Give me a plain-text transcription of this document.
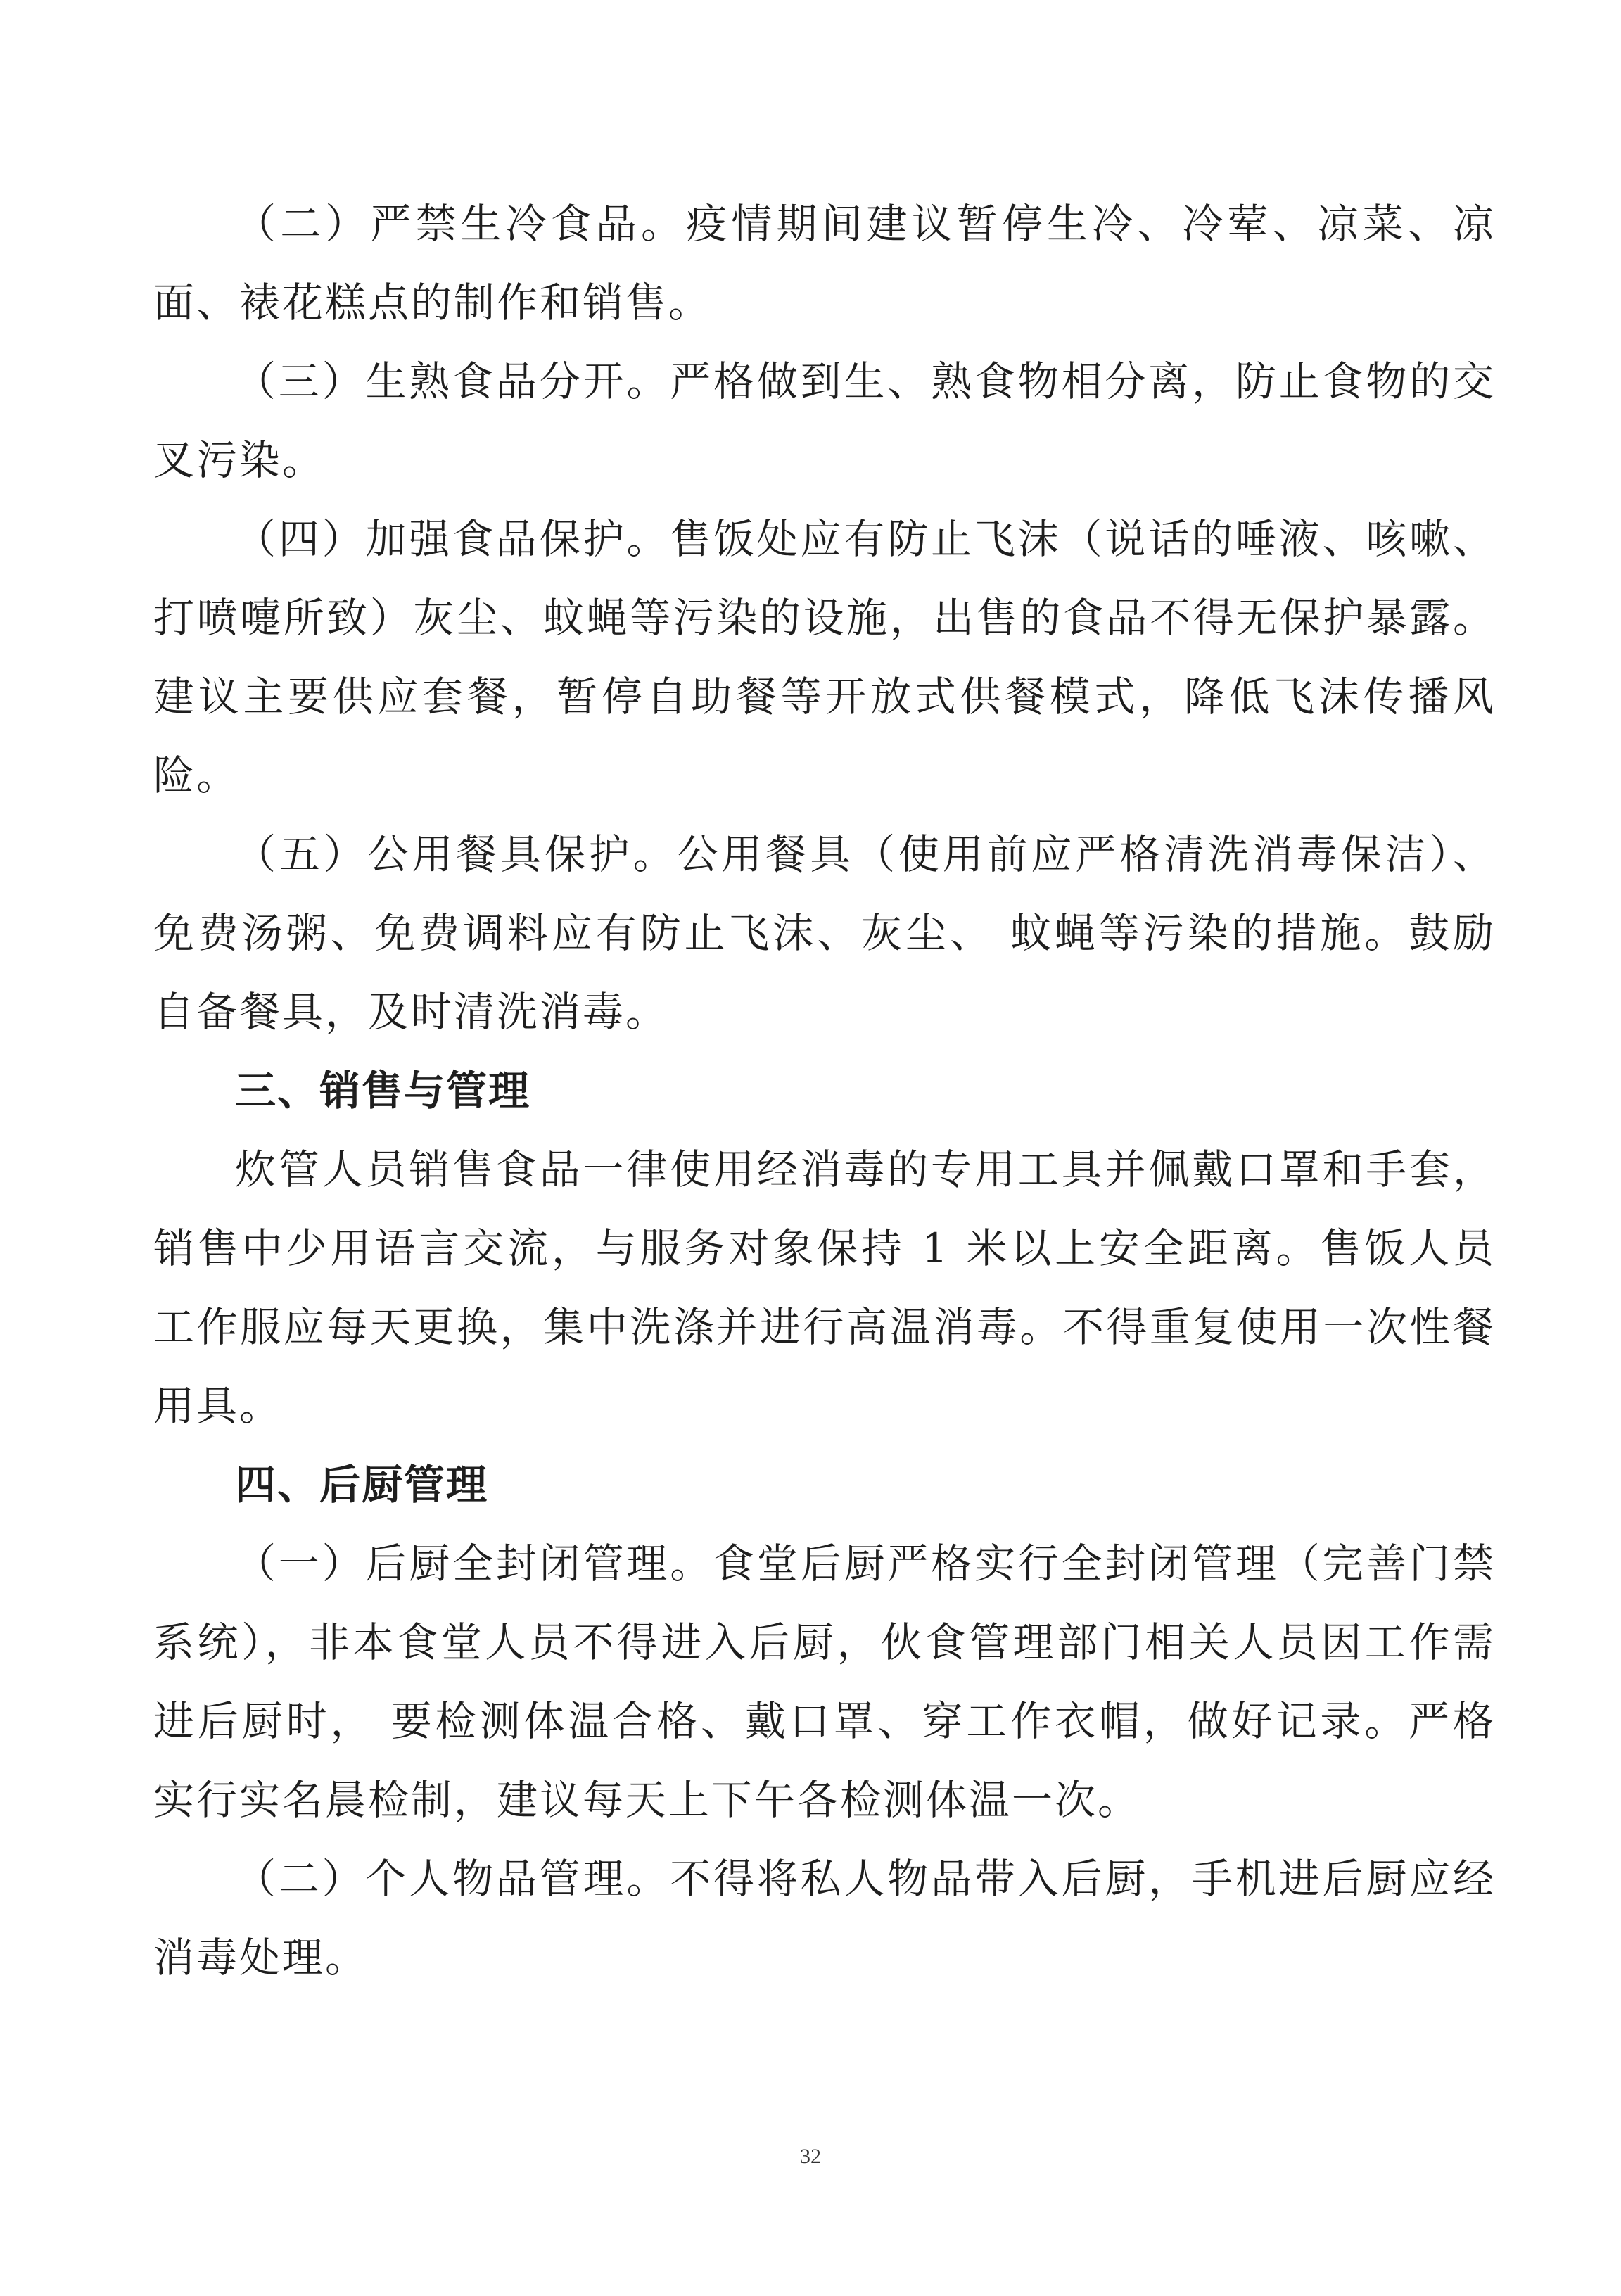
（二）严禁生冷食品。疫情期间建议暂停生冷、冷荤、凉菜、凉面、裱花糕点的制作和销售。

（三）生熟食品分开。严格做到生、熟食物相分离，防止食物的交叉污染。

（四）加强食品保护。售饭处应有防止飞沫（说话的唾液、咳嗽、打喷嚏所致）灰尘、蚊蝇等污染的设施，出售的食品不得无保护暴露。建议主要供应套餐，暂停自助餐等开放式供餐模式，降低飞沫传播风险。

（五）公用餐具保护。公用餐具（使用前应严格清洗消毒保洁）、免费汤粥、免费调料应有防止飞沫、灰尘、 蚊蝇等污染的措施。鼓励自备餐具，及时清洗消毒。

三、销售与管理

炊管人员销售食品一律使用经消毒的专用工具并佩戴口罩和手套，销售中少用语言交流，与服务对象保持 1 米以上安全距离。售饭人员工作服应每天更换，集中洗涤并进行高温消毒。不得重复使用一次性餐用具。

四、后厨管理

（一）后厨全封闭管理。食堂后厨严格实行全封闭管理（完善门禁系统），非本食堂人员不得进入后厨，伙食管理部门相关人员因工作需进后厨时， 要检测体温合格、戴口罩、穿工作衣帽，做好记录。严格实行实名晨检制，建议每天上下午各检测体温一次。

（二）个人物品管理。不得将私人物品带入后厨，手机进后厨应经消毒处理。

32
